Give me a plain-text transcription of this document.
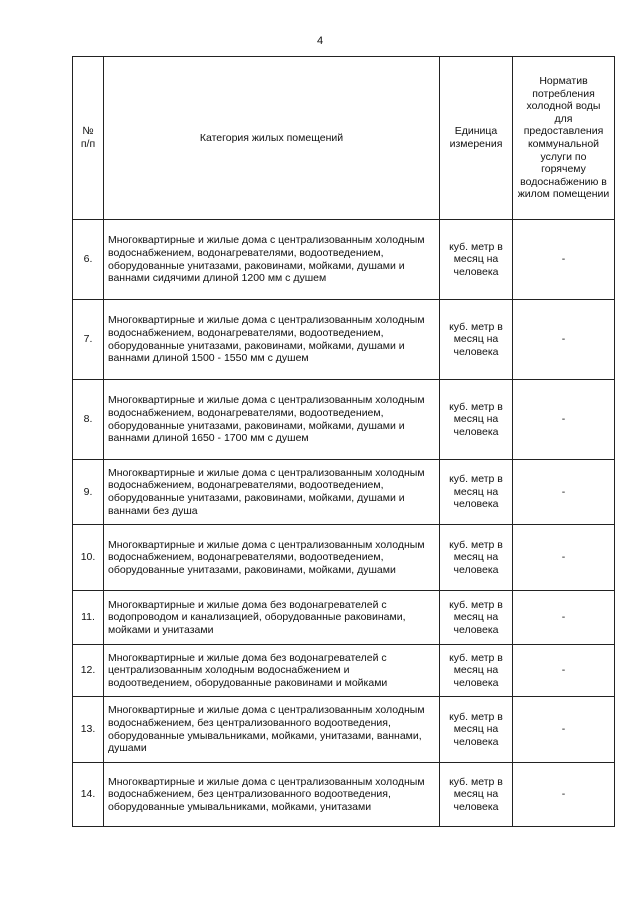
4
№ п/п	Категория жилых помещений	Единица измерения	Норматив потребления холодной воды для предоставления коммунальной услуги по горячему водоснабжению в жилом помещении
6.	Многоквартирные и жилые дома с централизованным холодным водоснабжением, водонагревателями, водоотведением, оборудованные унитазами, раковинами, мойками, душами и ваннами сидячими длиной 1200 мм с душем	куб. метр в месяц на человека	-
7.	Многоквартирные и жилые дома с централизованным холодным водоснабжением, водонагревателями, водоотведением, оборудованные унитазами, раковинами, мойками, душами и ваннами длиной 1500 - 1550 мм с душем	куб. метр в месяц на человека	-
8.	Многоквартирные и жилые дома с централизованным холодным водоснабжением, водонагревателями, водоотведением, оборудованные унитазами, раковинами, мойками, душами и ваннами длиной 1650 - 1700 мм с душем	куб. метр в месяц на человека	-
9.	Многоквартирные и жилые дома с централизованным холодным водоснабжением, водонагревателями, водоотведением, оборудованные унитазами, раковинами, мойками, душами и ваннами без душа	куб. метр в месяц на человека	-
10.	Многоквартирные и жилые дома с централизованным холодным водоснабжением, водонагревателями, водоотведением, оборудованные унитазами, раковинами, мойками, душами	куб. метр в месяц на человека	-
11.	Многоквартирные и жилые дома без водонагревателей с водопроводом и канализацией, оборудованные раковинами, мойками и унитазами	куб. метр в месяц на человека	-
12.	Многоквартирные и жилые дома без водонагревателей с централизованным холодным водоснабжением и водоотведением, оборудованные раковинами и мойками	куб. метр в месяц на человека	-
13.	Многоквартирные и жилые дома с централизованным холодным водоснабжением, без централизованного водоотведения, оборудованные умывальниками, мойками, унитазами, ваннами, душами	куб. метр в месяц на человека	-
14.	Многоквартирные и жилые дома с централизованным холодным водоснабжением, без централизованного водоотведения, оборудованные умывальниками, мойками, унитазами	куб. метр в месяц на человека	-
